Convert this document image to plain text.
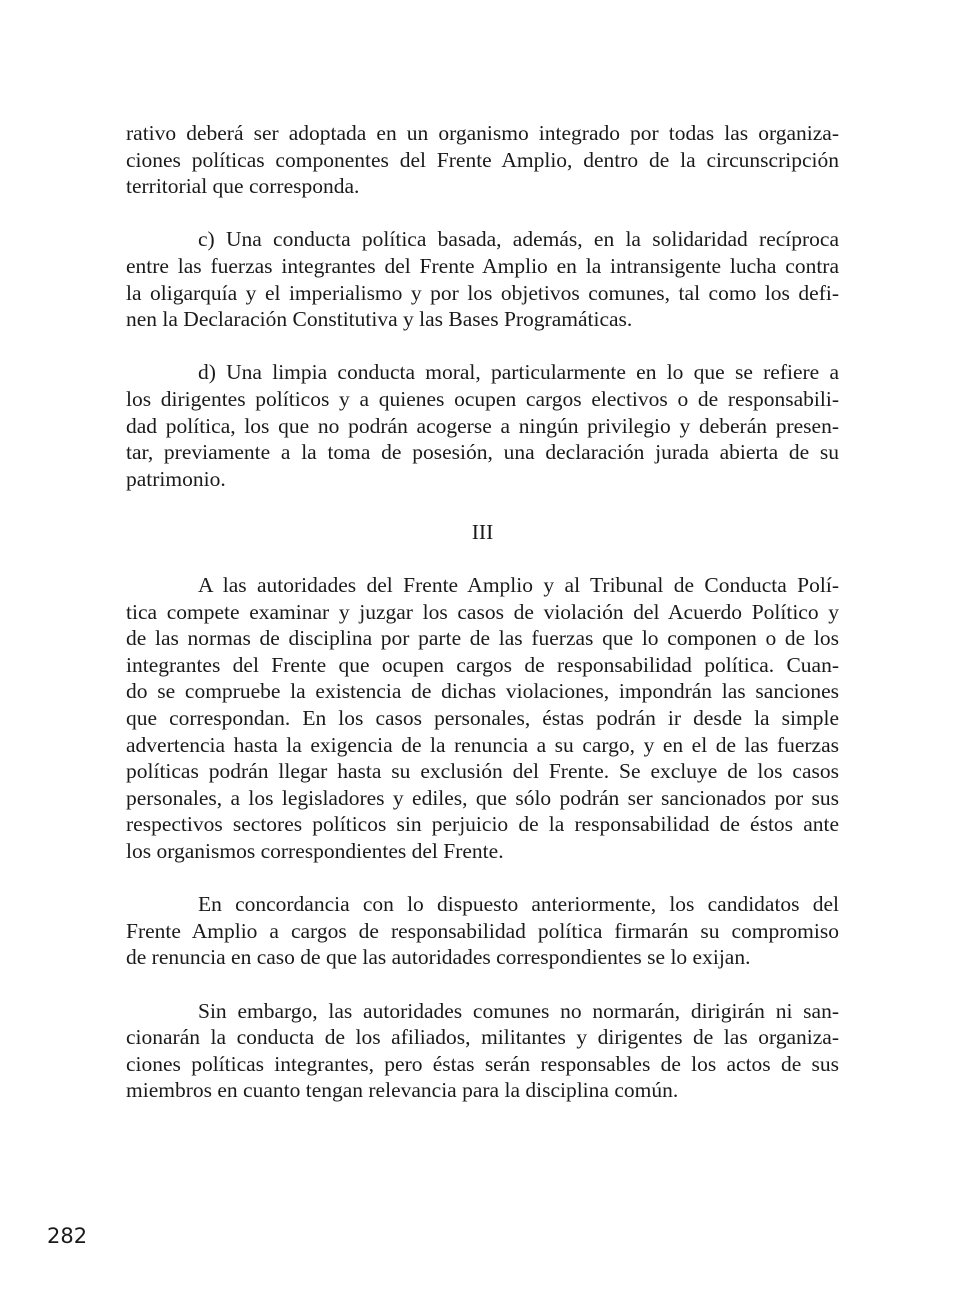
rativo deberá ser adoptada en un organismo integrado por todas las organiza-
ciones políticas componentes del Frente Amplio, dentro de la circunscripción
territorial que corresponda.
c) Una conducta política basada, además, en la solidaridad recíproca
entre las fuerzas integrantes del Frente Amplio en la intransigente lucha contra
la oligarquía y el imperialismo y por los objetivos comunes, tal como los defi-
nen la Declaración Constitutiva y las Bases Programáticas.
d) Una limpia conducta moral, particularmente en lo que se refiere a
los dirigentes políticos y a quienes ocupen cargos electivos o de responsabili-
dad política, los que no podrán acogerse a ningún privilegio y deberán presen-
tar, previamente a la toma de posesión, una declaración jurada abierta de su
patrimonio.
III
A las autoridades del Frente Amplio y al Tribunal de Conducta Polí-
tica compete examinar y juzgar los casos de violación del Acuerdo Político y
de las normas de disciplina por parte de las fuerzas que lo componen o de los
integrantes del Frente que ocupen cargos de responsabilidad política. Cuan-
do se compruebe la existencia de dichas violaciones, impondrán las sanciones
que correspondan. En los casos personales, éstas podrán ir desde la simple
advertencia hasta la exigencia de la renuncia a su cargo, y en el de las fuerzas
políticas podrán llegar hasta su exclusión del Frente. Se excluye de los casos
personales, a los legisladores y ediles, que sólo podrán ser sancionados por sus
respectivos sectores políticos sin perjuicio de la responsabilidad de éstos ante
los organismos correspondientes del Frente.
En concordancia con lo dispuesto anteriormente, los candidatos del
Frente Amplio a cargos de responsabilidad política firmarán su compromiso
de renuncia en caso de que las autoridades correspondientes se lo exijan.
Sin embargo, las autoridades comunes no normarán, dirigirán ni san-
cionarán la conducta de los afiliados, militantes y dirigentes de las organiza-
ciones políticas integrantes, pero éstas serán responsables de los actos de sus
miembros en cuanto tengan relevancia para la disciplina común.
282
